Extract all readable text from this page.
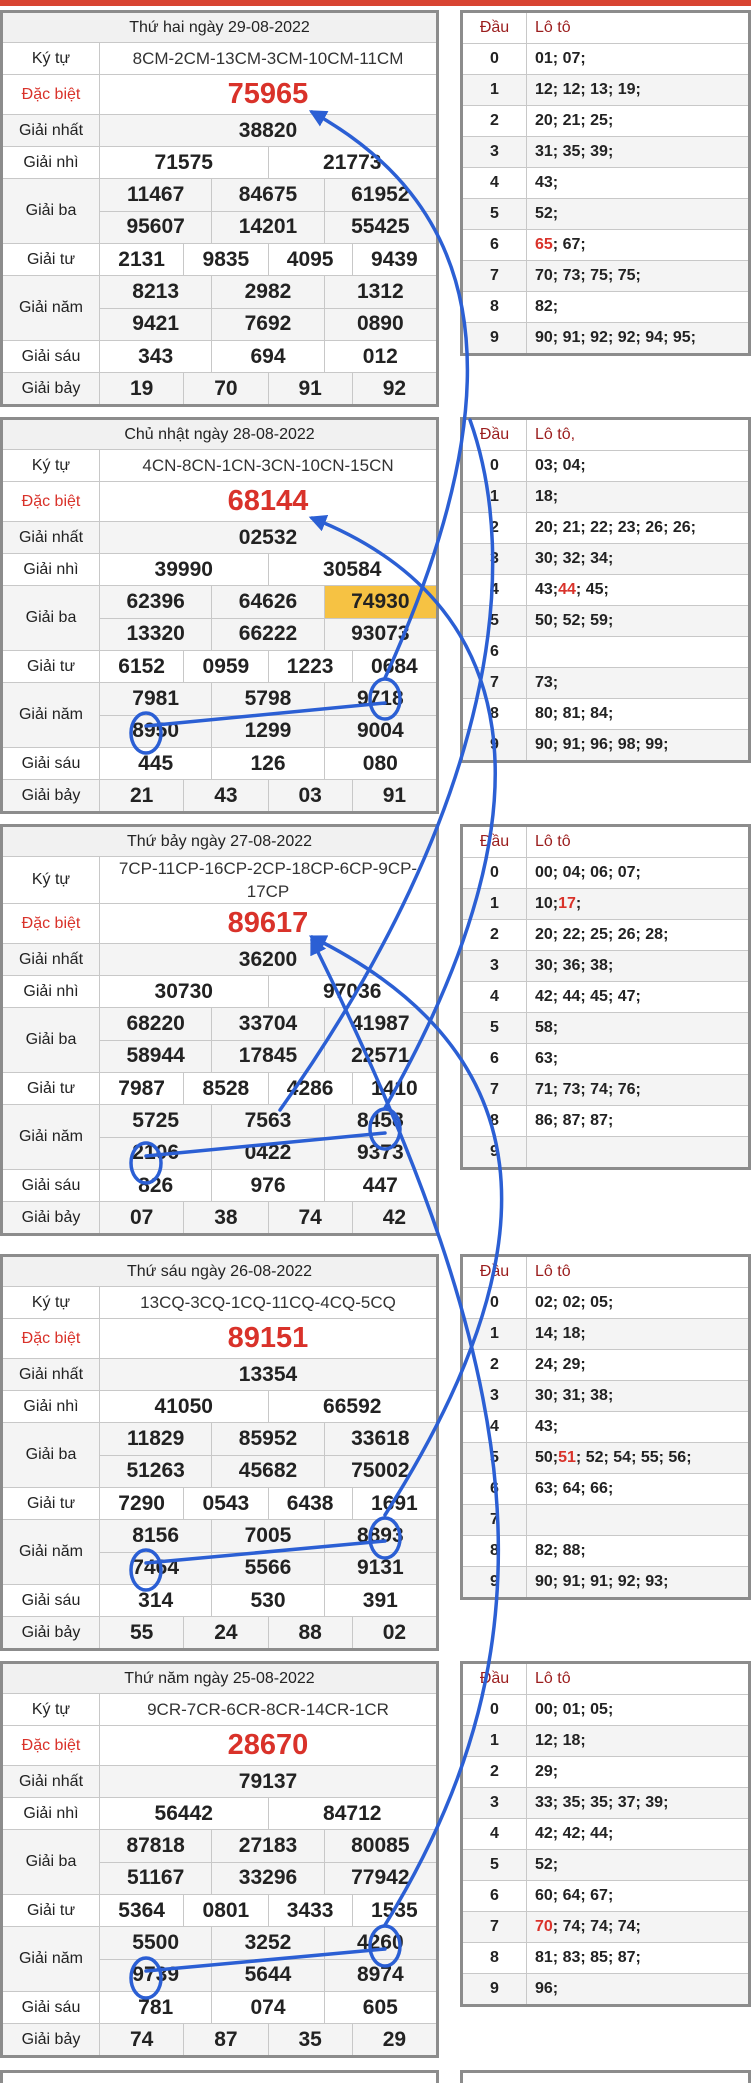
Thứ hai ngày 29-08-2022
Ký tự	8CM-2CM-13CM-3CM-10CM-11CM
Đặc biệt	75965
Giải nhất	38820
Giải nhì	71575	21773
Giải ba
11467	84675	61952
95607	14201	55425
Giải tư	2131	9835	4095	9439
Giải năm
8213	2982	1312
9421	7692	0890
Giải sáu	343	694	012
Giải bảy	19	70	91	92
Đầu	Lô tô
0	01; 07;
1	12; 12; 13; 19;
2	20; 21; 25;
3	31; 35; 39;
4	43;
5	52;
6	65 ; 67;
7	70; 73; 75; 75;
8	82;
9	90; 91; 92; 92; 94; 95;
Chủ nhật ngày 28-08-2022
Ký tự	4CN-8CN-1CN-3CN-10CN-15CN
Đặc biệt	68144
Giải nhất	02532
Giải nhì	39990	30584
Giải ba
62396	64626	74930
13320	66222	93073
Giải tư	6152	0959	1223	0684
Giải năm
7981	5798	9718
8950	1299	9004
Giải sáu	445	126	080
Giải bảy	21	43	03	91
Đầu	Lô tô,
0	03; 04;
1	18;
2	20; 21; 22; 23; 26; 26;
3	30; 32; 34;
4	43; 44 ; 45;
5	50; 52; 59;
6
7	73;
8	80; 81; 84;
9	90; 91; 96; 98; 99;
Thứ bảy ngày 27-08-2022
Ký tự
7CP-11CP-16CP-2CP-18CP-6CP-9CP-17CP
Đặc biệt	89617
Giải nhất	36200
Giải nhì	30730	97036
Giải ba
68220	33704	41987
58944	17845	22571
Giải tư	7987	8528	4286	1410
Giải năm
5725	7563	8458
2106	0422	9373
Giải sáu	826	976	447
Giải bảy	07	38	74	42
Đầu	Lô tô
0	00; 04; 06; 07;
1	10; 17 ;
2	20; 22; 25; 26; 28;
3	30; 36; 38;
4	42; 44; 45; 47;
5	58;
6	63;
7	71; 73; 74; 76;
8	86; 87; 87;
9
Thứ sáu ngày 26-08-2022
Ký tự	13CQ-3CQ-1CQ-11CQ-4CQ-5CQ
Đặc biệt	89151
Giải nhất	13354
Giải nhì	41050	66592
Giải ba
11829	85952	33618
51263	45682	75002
Giải tư	7290	0543	6438	1691
Giải năm
8156	7005	8893
7464	5566	9131
Giải sáu	314	530	391
Giải bảy	55	24	88	02
Đầu	Lô tô
0	02; 02; 05;
1	14; 18;
2	24; 29;
3	30; 31; 38;
4	43;
5	50; 51 ; 52; 54; 55; 56;
6	63; 64; 66;
7
8	82; 88;
9	90; 91; 91; 92; 93;
Thứ năm ngày 25-08-2022
Ký tự	9CR-7CR-6CR-8CR-14CR-1CR
Đặc biệt	28670
Giải nhất	79137
Giải nhì	56442	84712
Giải ba
87818	27183	80085
51167	33296	77942
Giải tư	5364	0801	3433	1535
Giải năm
5500	3252	4260
9739	5644	8974
Giải sáu	781	074	605
Giải bảy	74	87	35	29
Đầu	Lô tô
0	00; 01; 05;
1	12; 18;
2	29;
3	33; 35; 35; 37; 39;
4	42; 42; 44;
5	52;
6	60; 64; 67;
7	70 ; 74; 74; 74;
8	81; 83; 85; 87;
9	96;
